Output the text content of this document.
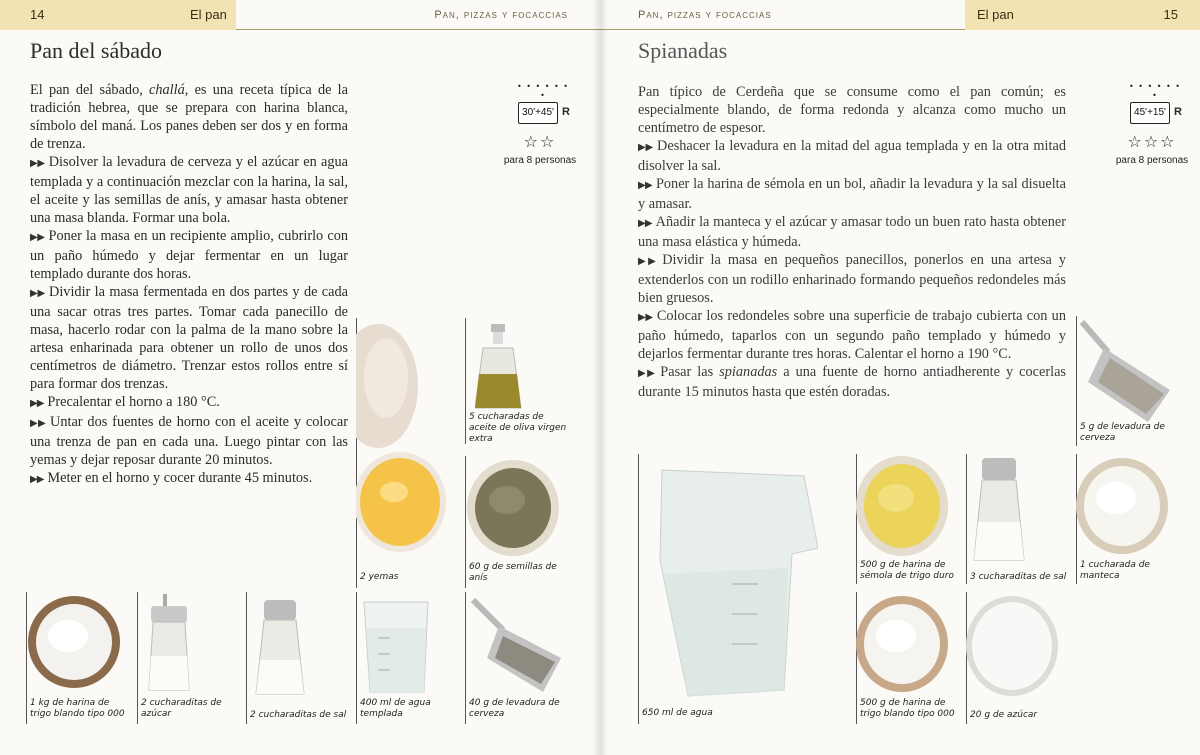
14	El pan	Pan, pizzas y focaccias
Pan del sábado

El pan del sábado, challá, es una receta típica de la tradición hebrea, que se prepara con harina blanca, símbolo del maná. Los panes deben ser dos y en forma de trenza.

▶▶ Disolver la levadura de cerveza y el azúcar en agua templada y a continuación mezclar con la harina, la sal, el aceite y las semillas de anís, y amasar hasta obtener una masa blanda. Formar una bola.

▶▶ Poner la masa en un recipiente amplio, cubrirlo con un paño húmedo y dejar fermentar en un lugar templado durante dos horas.

▶▶ Dividir la masa fermentada en dos partes y de cada una sacar otras tres partes. Tomar cada panecillo de masa, hacerlo rodar con la palma de la mano sobre la artesa enharinada para obtener un rollo de unos dos centímetros de diámetro. Trenzar estos rollos entre sí para formar dos trenzas.

▶▶ Precalentar el horno a 180 °C.

▶▶ Untar dos fuentes de horno con el aceite y colocar una trenza de pan en cada una. Luego pintar con las yemas y dejar reposar durante 20 minutos.

▶▶ Meter en el horno y cocer durante 45 minutos.

• • • • • • •
30'+45' R
☆☆
para 8 personas
2 yemas
5 cucharadas de aceite de oliva virgen extra
60 g de semillas de anís
1 kg de harina de trigo blando tipo 000
2 cucharaditas de azúcar	2 cucharaditas de sal
400 ml de agua templada
40 g de levadura de cerveza
Pan, pizzas y focaccias	El pan	15
Spianadas

Pan típico de Cerdeña que se consume como el pan común; es especialmente blando, de forma redonda y alcanza como mucho un centímetro de espesor.

▶▶ Deshacer la levadura en la mitad del agua templada y en la otra mitad disolver la sal.

▶▶ Poner la harina de sémola en un bol, añadir la levadura y la sal disuelta y amasar.

▶▶ Añadir la manteca y el azúcar y amasar todo un buen rato hasta obtener una masa elástica y húmeda.

▶▶ Dividir la masa en pequeños panecillos, ponerlos en una artesa y extenderlos con un rodillo enharinado formando pequeños redondeles más bien gruesos.

▶▶ Colocar los redondeles sobre una superficie de trabajo cubierta con un paño húmedo, taparlos con un segundo paño templado y húmedo y dejarlos fermentar durante tres horas. Calentar el horno a 190 °C.

▶▶ Pasar las spianadas a una fuente de horno antiadherente y cocerlas durante 15 minutos hasta que estén doradas.

• • • • • • •
45'+15' R
☆☆☆
para 8 personas
5 g de levadura de cerveza
650 ml de agua
500 g de harina de sémola de trigo duro	3 cucharaditas de sal
1 cucharada de manteca
500 g de harina de trigo blando tipo 000	20 g de azúcar
